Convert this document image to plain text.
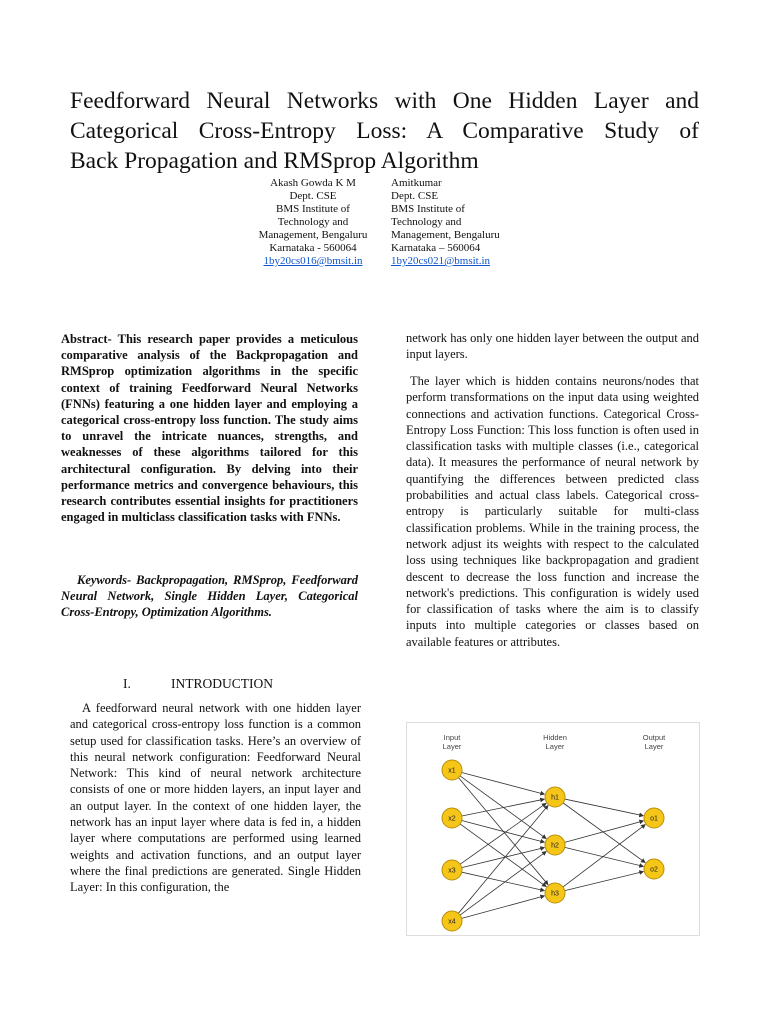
Feedforward Neural Networks with One Hidden Layer and
Categorical Cross-Entropy Loss: A Comparative Study of
Back Propagation and RMSprop Algorithm
Akash Gowda K M
Dept. CSE
BMS Institute of
Technology and
Management, Bengaluru
Karnataka - 560064
1by20cs016@bmsit.in
Amitkumar
Dept. CSE
BMS Institute of
Technology and
Management, Bengaluru
Karnataka – 560064
1by20cs021@bmsit.in

Abstract- This research paper provides a meticulous comparative analysis of the Backpropagation and RMSprop optimization algorithms in the specific context of training Feedforward Neural Networks (FNNs) featuring a one hidden layer and employing a categorical cross-entropy loss function. The study aims to unravel the intricate nuances, strengths, and weaknesses of these algorithms tailored for this architectural configuration. By delving into their performance metrics and convergence behaviours, this research contributes essential insights for practitioners engaged in multiclass classification tasks with FNNs.

Keywords- Backpropagation, RMSprop, Feedforward Neural Network, Single Hidden Layer, Categorical Cross-Entropy, Optimization Algorithms.

I.	INTRODUCTION

A feedforward neural network with one hidden layer and categorical cross-entropy loss function is a common setup used for classification tasks. Here’s an overview of this neural network configuration: Feedforward Neural Network: This kind of neural network architecture consists of one or more hidden layers, an input layer and an output layer. In the context of one hidden layer, the network has an input layer where data is fed in, a hidden layer where computations are performed using learned weights and activation functions, and an output layer where the final predictions are generated. Single Hidden Layer: In this configuration, the

network has only one hidden layer between the output and input layers.

The layer which is hidden contains neurons/nodes that perform transformations on the input data using weighted connections and activation functions. Categorical Cross-Entropy Loss Function: This loss function is often used in classification tasks with multiple classes (i.e., categorical data). It measures the performance of neural network by quantifying the differences between predicted class probabilities and actual class labels. Categorical cross-entropy is particularly suitable for multi-class classification problems. While in the training process, the network adjust its weights with respect to the calculated loss using techniques like backpropagation and gradient descent to decrease the loss function and increase the network's predictions. This configuration is widely used for classification of tasks where the aim is to classify inputs into multiple categories or classes based on available features or attributes.

Input
Layer
Hidden
Layer
Output
Layer
x1
x2
x3
x4
h1
h2
h3
o1
o2
